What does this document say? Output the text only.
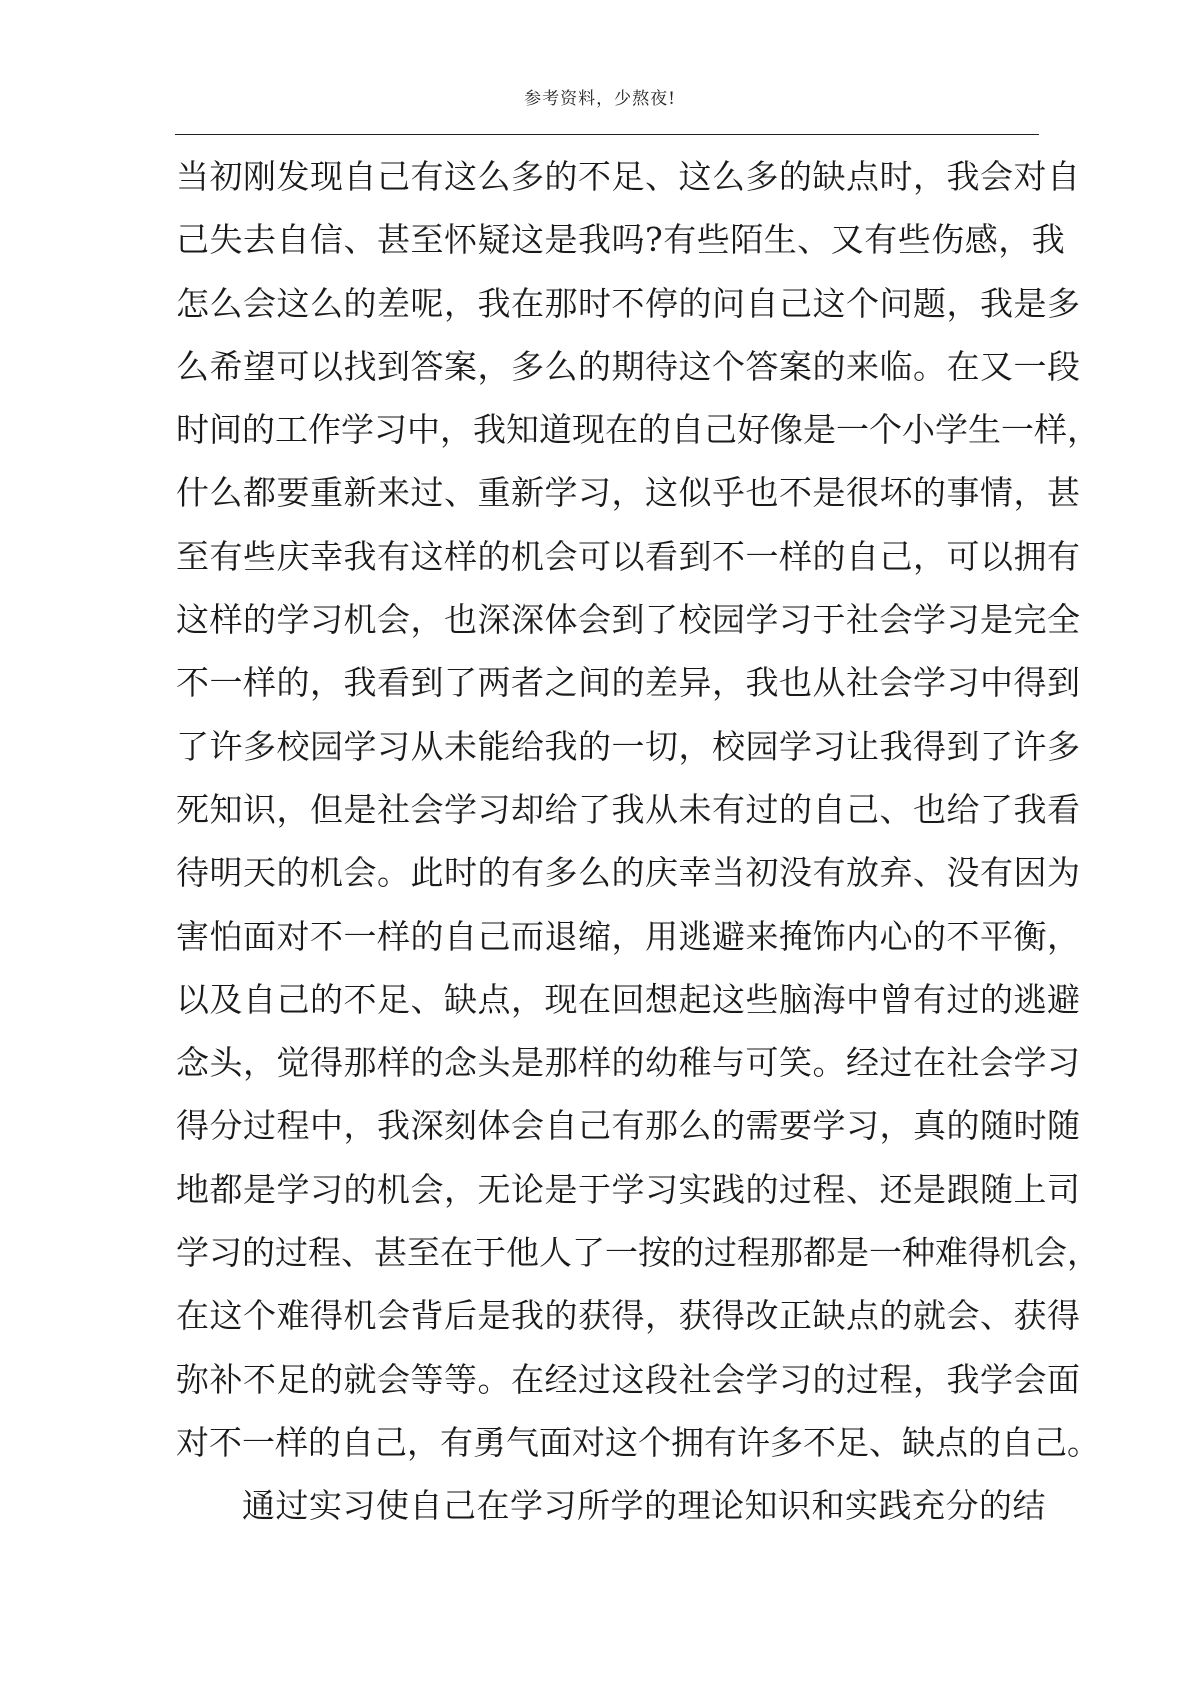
参考资料，少熬夜!
当初刚发现自己有这么多的不足、这么多的缺点时，我会对自
己失去自信、甚至怀疑这是我吗?有些陌生、又有些伤感，我
怎么会这么的差呢，我在那时不停的问自己这个问题，我是多
么希望可以找到答案，多么的期待这个答案的来临。在又一段
时间的工作学习中，我知道现在的自己好像是一个小学生一样，
什么都要重新来过、重新学习，这似乎也不是很坏的事情，甚
至有些庆幸我有这样的机会可以看到不一样的自己，可以拥有
这样的学习机会，也深深体会到了校园学习于社会学习是完全
不一样的，我看到了两者之间的差异，我也从社会学习中得到
了许多校园学习从未能给我的一切，校园学习让我得到了许多
死知识，但是社会学习却给了我从未有过的自己、也给了我看
待明天的机会。此时的有多么的庆幸当初没有放弃、没有因为
害怕面对不一样的自己而退缩，用逃避来掩饰内心的不平衡，
以及自己的不足、缺点，现在回想起这些脑海中曾有过的逃避
念头，觉得那样的念头是那样的幼稚与可笑。经过在社会学习
得分过程中，我深刻体会自己有那么的需要学习，真的随时随
地都是学习的机会，无论是于学习实践的过程、还是跟随上司
学习的过程、甚至在于他人了一按的过程那都是一种难得机会，
在这个难得机会背后是我的获得，获得改正缺点的就会、获得
弥补不足的就会等等。在经过这段社会学习的过程，我学会面
对不一样的自己，有勇气面对这个拥有许多不足、缺点的自己。
通过实习使自己在学习所学的理论知识和实践充分的结
